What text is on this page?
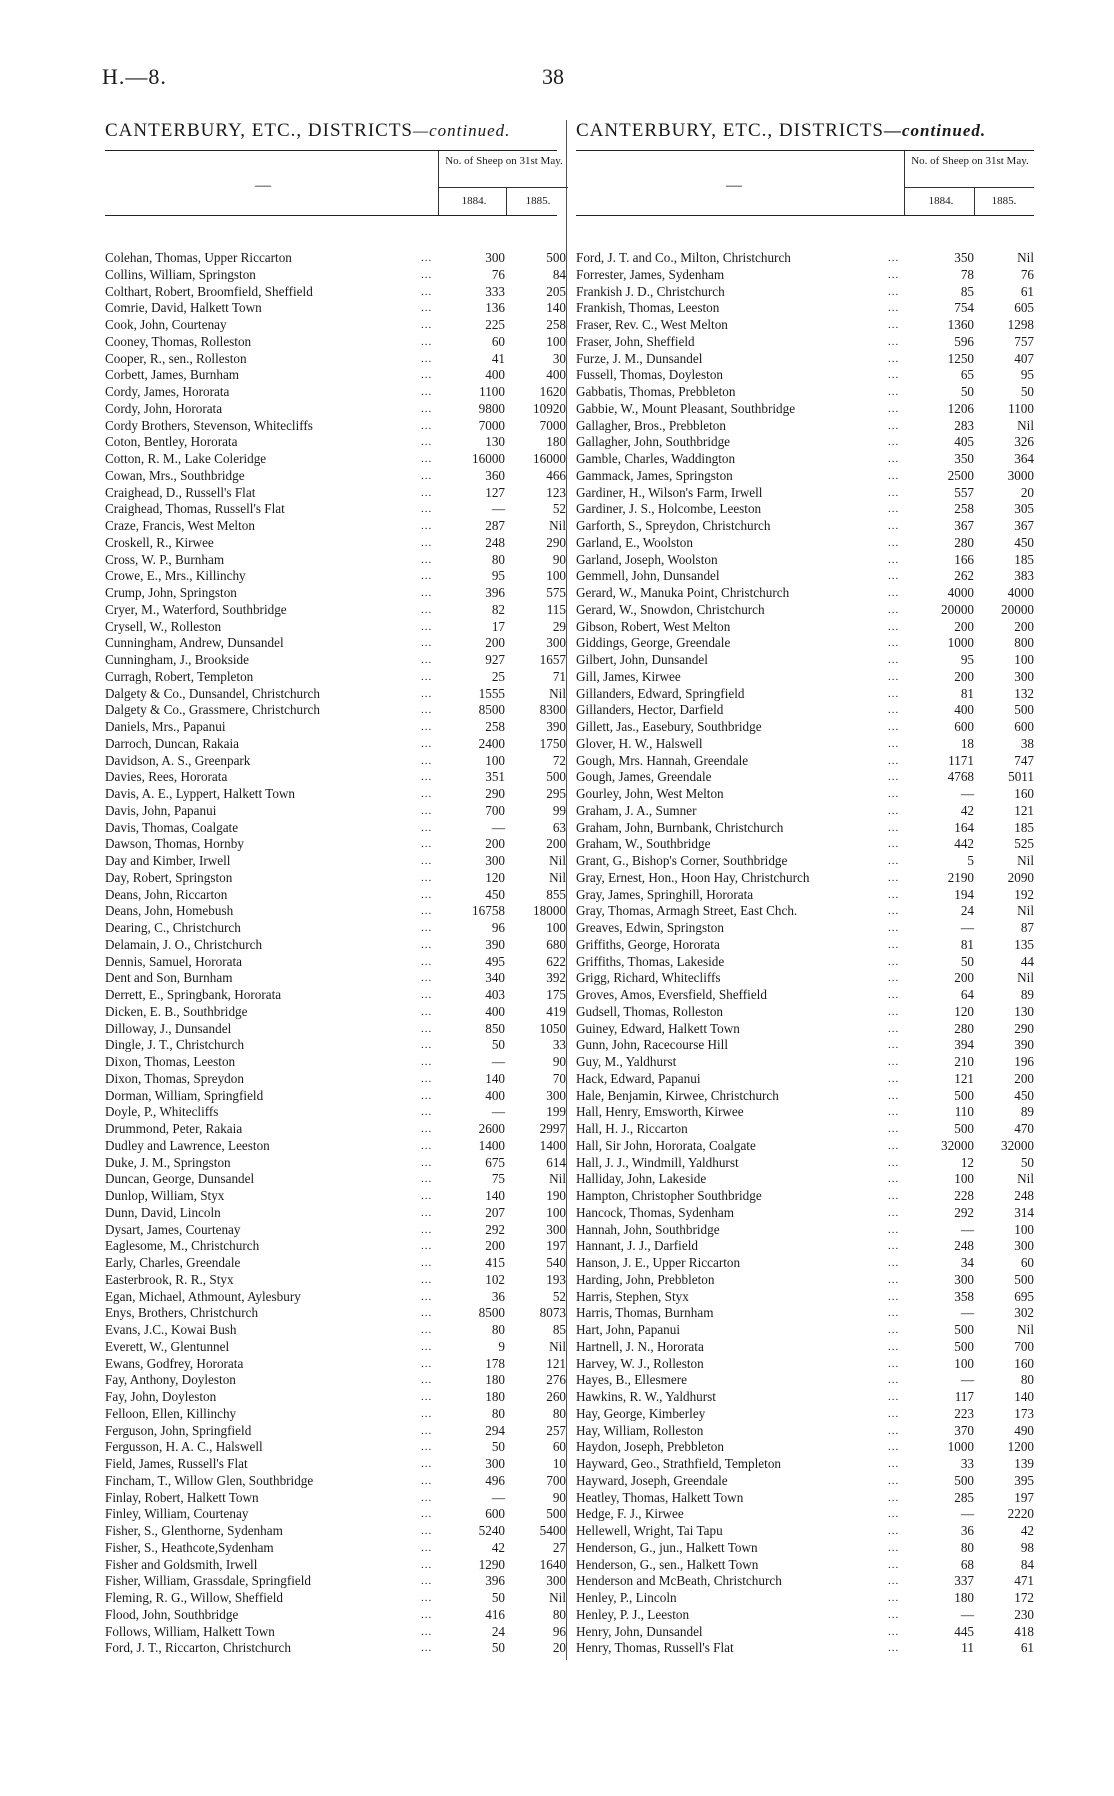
H.—8.	38
CANTERBURY, ETC., DISTRICTS—continued.
—
No. of Sheep on 31st May.
1884.	1885.
Colehan, Thomas, Upper Riccarton	...	300	500
Collins, William, Springston	...	76	84
Colthart, Robert, Broomfield, Sheffield	...	333	205
Comrie, David, Halkett Town	...	136	140
Cook, John, Courtenay	...	225	258
Cooney, Thomas, Rolleston	...	60	100
Cooper, R., sen., Rolleston	...	41	30
Corbett, James, Burnham	...	400	400
Cordy, James, Hororata	...	1100	1620
Cordy, John, Hororata	...	9800	10920
Cordy Brothers, Stevenson, Whitecliffs	...	7000	7000
Coton, Bentley, Hororata	...	130	180
Cotton, R. M., Lake Coleridge	...	16000	16000
Cowan, Mrs., Southbridge	...	360	466
Craighead, D., Russell's Flat	...	127	123
Craighead, Thomas, Russell's Flat	...	—	52
Craze, Francis, West Melton	...	287	Nil
Croskell, R., Kirwee	...	248	290
Cross, W. P., Burnham	...	80	90
Crowe, E., Mrs., Killinchy	...	95	100
Crump, John, Springston	...	396	575
Cryer, M., Waterford, Southbridge	...	82	115
Crysell, W., Rolleston	...	17	29
Cunningham, Andrew, Dunsandel	...	200	300
Cunningham, J., Brookside	...	927	1657
Curragh, Robert, Templeton	...	25	71
Dalgety & Co., Dunsandel, Christchurch	...	1555	Nil
Dalgety & Co., Grassmere, Christchurch	...	8500	8300
Daniels, Mrs., Papanui	...	258	390
Darroch, Duncan, Rakaia	...	2400	1750
Davidson, A. S., Greenpark	...	100	72
Davies, Rees, Hororata	...	351	500
Davis, A. E., Lyppert, Halkett Town	...	290	295
Davis, John, Papanui	...	700	99
Davis, Thomas, Coalgate	...	—	63
Dawson, Thomas, Hornby	...	200	200
Day and Kimber, Irwell	...	300	Nil
Day, Robert, Springston	...	120	Nil
Deans, John, Riccarton	...	450	855
Deans, John, Homebush	...	16758	18000
Dearing, C., Christchurch	...	96	100
Delamain, J. O., Christchurch	...	390	680
Dennis, Samuel, Hororata	...	495	622
Dent and Son, Burnham	...	340	392
Derrett, E., Springbank, Hororata	...	403	175
Dicken, E. B., Southbridge	...	400	419
Dilloway, J., Dunsandel	...	850	1050
Dingle, J. T., Christchurch	...	50	33
Dixon, Thomas, Leeston	...	—	90
Dixon, Thomas, Spreydon	...	140	70
Dorman, William, Springfield	...	400	300
Doyle, P., Whitecliffs	...	—	199
Drummond, Peter, Rakaia	...	2600	2997
Dudley and Lawrence, Leeston	...	1400	1400
Duke, J. M., Springston	...	675	614
Duncan, George, Dunsandel	...	75	Nil
Dunlop, William, Styx	...	140	190
Dunn, David, Lincoln	...	207	100
Dysart, James, Courtenay	...	292	300
Eaglesome, M., Christchurch	...	200	197
Early, Charles, Greendale	...	415	540
Easterbrook, R. R., Styx	...	102	193
Egan, Michael, Athmount, Aylesbury	...	36	52
Enys, Brothers, Christchurch	...	8500	8073
Evans, J.C., Kowai Bush	...	80	85
Everett, W., Glentunnel	...	9	Nil
Ewans, Godfrey, Hororata	...	178	121
Fay, Anthony, Doyleston	...	180	276
Fay, John, Doyleston	...	180	260
Felloon, Ellen, Killinchy	...	80	80
Ferguson, John, Springfield	...	294	257
Fergusson, H. A. C., Halswell	...	50	60
Field, James, Russell's Flat	...	300	10
Fincham, T., Willow Glen, Southbridge	...	496	700
Finlay, Robert, Halkett Town	...	—	90
Finley, William, Courtenay	...	600	500
Fisher, S., Glenthorne, Sydenham	...	5240	5400
Fisher, S., Heathcote,Sydenham	...	42	27
Fisher and Goldsmith, Irwell	...	1290	1640
Fisher, William, Grassdale, Springfield	...	396	300
Fleming, R. G., Willow, Sheffield	...	50	Nil
Flood, John, Southbridge	...	416	80
Follows, William, Halkett Town	...	24	96
Ford, J. T., Riccarton, Christchurch	...	50	20
CANTERBURY, ETC., DISTRICTS—continued.
—
No. of Sheep on 31st May.
1884.	1885.
Ford, J. T. and Co., Milton, Christchurch	...	350	Nil
Forrester, James, Sydenham	...	78	76
Frankish J. D., Christchurch	...	85	61
Frankish, Thomas, Leeston	...	754	605
Fraser, Rev. C., West Melton	...	1360	1298
Fraser, John, Sheffield	...	596	757
Furze, J. M., Dunsandel	...	1250	407
Fussell, Thomas, Doyleston	...	65	95
Gabbatis, Thomas, Prebbleton	...	50	50
Gabbie, W., Mount Pleasant, Southbridge	...	1206	1100
Gallagher, Bros., Prebbleton	...	283	Nil
Gallagher, John, Southbridge	...	405	326
Gamble, Charles, Waddington	...	350	364
Gammack, James, Springston	...	2500	3000
Gardiner, H., Wilson's Farm, Irwell	...	557	20
Gardiner, J. S., Holcombe, Leeston	...	258	305
Garforth, S., Spreydon, Christchurch	...	367	367
Garland, E., Woolston	...	280	450
Garland, Joseph, Woolston	...	166	185
Gemmell, John, Dunsandel	...	262	383
Gerard, W., Manuka Point, Christchurch	...	4000	4000
Gerard, W., Snowdon, Christchurch	...	20000	20000
Gibson, Robert, West Melton	...	200	200
Giddings, George, Greendale	...	1000	800
Gilbert, John, Dunsandel	...	95	100
Gill, James, Kirwee	...	200	300
Gillanders, Edward, Springfield	...	81	132
Gillanders, Hector, Darfield	...	400	500
Gillett, Jas., Easebury, Southbridge	...	600	600
Glover, H. W., Halswell	...	18	38
Gough, Mrs. Hannah, Greendale	...	1171	747
Gough, James, Greendale	...	4768	5011
Gourley, John, West Melton	...	—	160
Graham, J. A., Sumner	...	42	121
Graham, John, Burnbank, Christchurch	...	164	185
Graham, W., Southbridge	...	442	525
Grant, G., Bishop's Corner, Southbridge	...	5	Nil
Gray, Ernest, Hon., Hoon Hay, Christchurch	...	2190	2090
Gray, James, Springhill, Hororata	...	194	192
Gray, Thomas, Armagh Street, East Chch.	...	24	Nil
Greaves, Edwin, Springston	...	—	87
Griffiths, George, Hororata	...	81	135
Griffiths, Thomas, Lakeside	...	50	44
Grigg, Richard, Whitecliffs	...	200	Nil
Groves, Amos, Eversfield, Sheffield	...	64	89
Gudsell, Thomas, Rolleston	...	120	130
Guiney, Edward, Halkett Town	...	280	290
Gunn, John, Racecourse Hill	...	394	390
Guy, M., Yaldhurst	...	210	196
Hack, Edward, Papanui	...	121	200
Hale, Benjamin, Kirwee, Christchurch	...	500	450
Hall, Henry, Emsworth, Kirwee	...	110	89
Hall, H. J., Riccarton	...	500	470
Hall, Sir John, Hororata, Coalgate	...	32000	32000
Hall, J. J., Windmill, Yaldhurst	...	12	50
Halliday, John, Lakeside	...	100	Nil
Hampton, Christopher Southbridge	...	228	248
Hancock, Thomas, Sydenham	...	292	314
Hannah, John, Southbridge	...	—	100
Hannant, J. J., Darfield	...	248	300
Hanson, J. E., Upper Riccarton	...	34	60
Harding, John, Prebbleton	...	300	500
Harris, Stephen, Styx	...	358	695
Harris, Thomas, Burnham	...	—	302
Hart, John, Papanui	...	500	Nil
Hartnell, J. N., Hororata	...	500	700
Harvey, W. J., Rolleston	...	100	160
Hayes, B., Ellesmere	...	—	80
Hawkins, R. W., Yaldhurst	...	117	140
Hay, George, Kimberley	...	223	173
Hay, William, Rolleston	...	370	490
Haydon, Joseph, Prebbleton	...	1000	1200
Hayward, Geo., Strathfield, Templeton	...	33	139
Hayward, Joseph, Greendale	...	500	395
Heatley, Thomas, Halkett Town	...	285	197
Hedge, F. J., Kirwee	...	—	2220
Hellewell, Wright, Tai Tapu	...	36	42
Henderson, G., jun., Halkett Town	...	80	98
Henderson, G., sen., Halkett Town	...	68	84
Henderson and McBeath, Christchurch	...	337	471
Henley, P., Lincoln	...	180	172
Henley, P. J., Leeston	...	—	230
Henry, John, Dunsandel	...	445	418
Henry, Thomas, Russell's Flat	...	11	61
